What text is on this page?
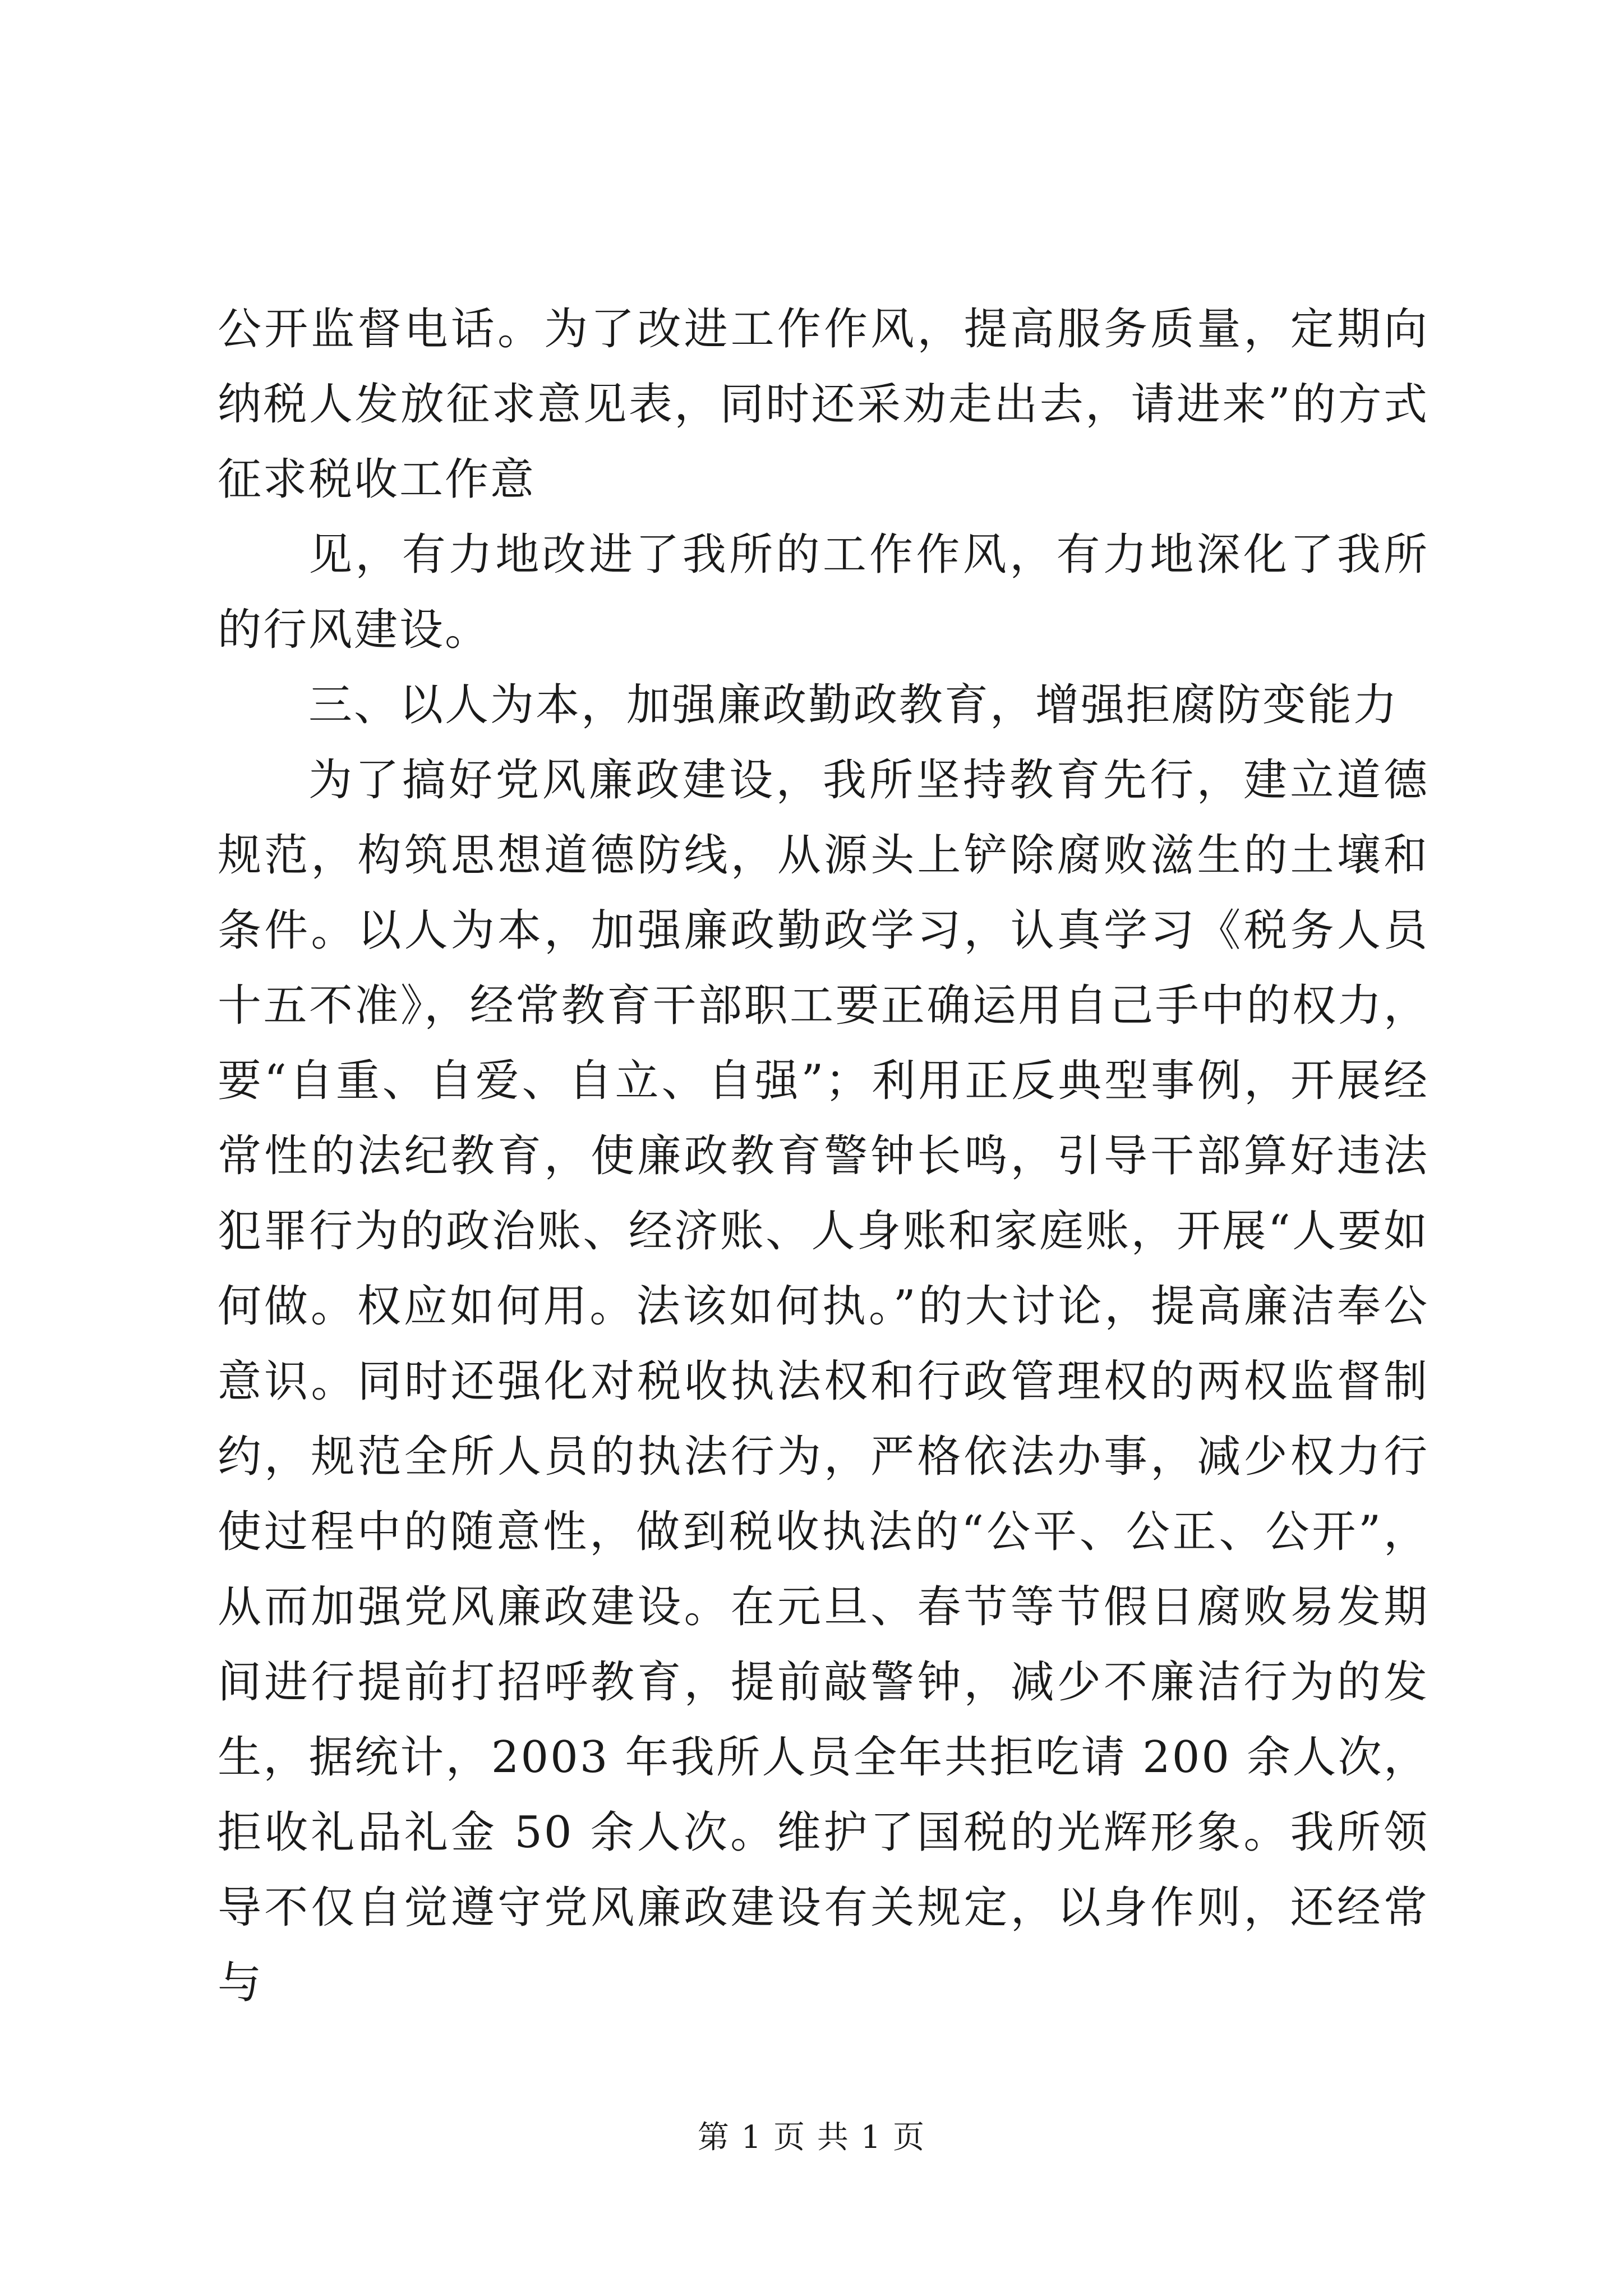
公开监督电话。为了改进工作作风，提高服务质量，定期向纳税人发放征求意见表，同时还采劝走出去，请进来”的方式征求税收工作意

见，有力地改进了我所的工作作风，有力地深化了我所的行风建设。

三、以人为本，加强廉政勤政教育，增强拒腐防变能力

为了搞好党风廉政建设，我所坚持教育先行，建立道德规范，构筑思想道德防线，从源头上铲除腐败滋生的土壤和条件。以人为本，加强廉政勤政学习，认真学习《税务人员十五不准》，经常教育干部职工要正确运用自己手中的权力，要“自重、自爱、自立、自强”；利用正反典型事例，开展经常性的法纪教育，使廉政教育警钟长鸣，引导干部算好违法犯罪行为的政治账、经济账、人身账和家庭账，开展“人要如何做。权应如何用。法该如何执。”的大讨论，提高廉洁奉公意识。同时还强化对税收执法权和行政管理权的两权监督制约，规范全所人员的执法行为，严格依法办事，减少权力行使过程中的随意性，做到税收执法的“公平、公正、公开”，从而加强党风廉政建设。在元旦、春节等节假日腐败易发期间进行提前打招呼教育，提前敲警钟，减少不廉洁行为的发生，据统计，2003 年我所人员全年共拒吃请 200 余人次，拒收礼品礼金 50 余人次。维护了国税的光辉形象。我所领导不仅自觉遵守党风廉政建设有关规定，以身作则，还经常与

第 1 页 共 1 页
